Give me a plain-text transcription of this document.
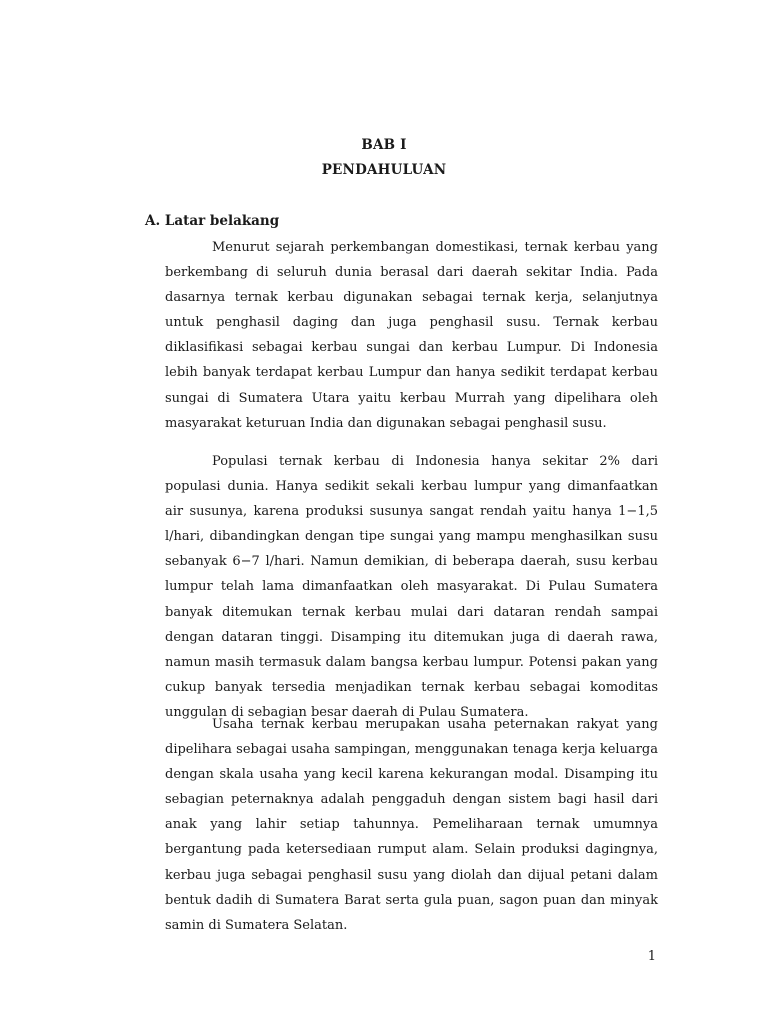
BAB I
PENDAHULUAN
A. Latar belakang

Menurut sejarah perkembangan domestikasi, ternak kerbau yang berkembang di seluruh dunia berasal dari daerah sekitar India. Pada dasarnya ternak kerbau digunakan sebagai ternak kerja, selanjutnya untuk penghasil daging dan juga penghasil susu. Ternak kerbau diklasifikasi sebagai kerbau sungai dan kerbau Lumpur. Di Indonesia lebih banyak terdapat kerbau Lumpur dan hanya sedikit terdapat kerbau sungai di Sumatera Utara yaitu kerbau Murrah yang dipelihara oleh masyarakat keturuan India dan digunakan sebagai penghasil susu.

Populasi ternak kerbau di Indonesia hanya sekitar 2% dari populasi dunia. Hanya sedikit sekali kerbau lumpur yang dimanfaatkan air susunya, karena produksi susunya sangat rendah yaitu hanya 1−1,5 l/hari, dibandingkan dengan tipe sungai yang mampu menghasilkan susu sebanyak 6−7 l/hari. Namun demikian, di beberapa daerah, susu kerbau lumpur telah lama dimanfaatkan oleh masyarakat. Di Pulau Sumatera banyak ditemukan ternak kerbau mulai dari dataran rendah sampai dengan dataran tinggi. Disamping itu ditemukan juga di daerah rawa, namun masih termasuk dalam bangsa kerbau lumpur. Potensi pakan yang cukup banyak tersedia menjadikan ternak kerbau sebagai komoditas unggulan di sebagian besar daerah di Pulau Sumatera.

Usaha ternak kerbau merupakan usaha peternakan rakyat yang dipelihara sebagai usaha sampingan, menggunakan tenaga kerja keluarga dengan skala usaha yang kecil karena kekurangan modal. Disamping itu sebagian peternaknya adalah penggaduh dengan sistem bagi hasil dari anak yang lahir setiap tahunnya. Pemeliharaan ternak umumnya bergantung pada ketersediaan rumput alam. Selain produksi dagingnya, kerbau juga sebagai penghasil susu yang diolah dan dijual petani dalam bentuk dadih di Sumatera Barat serta gula puan, sagon puan dan minyak samin di Sumatera Selatan.

1
